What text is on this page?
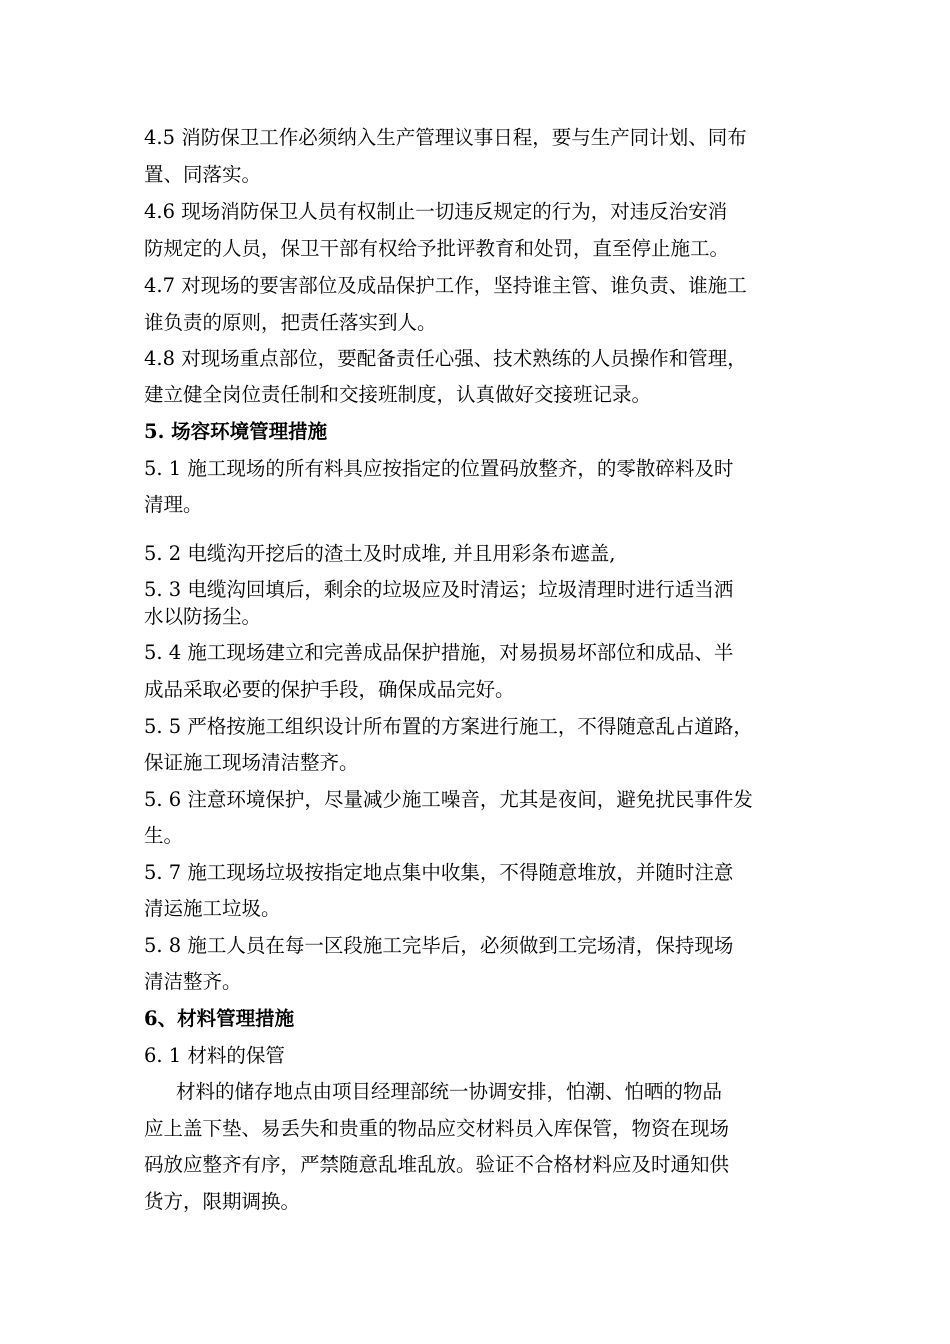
4.5 消防保卫工作必须纳入生产管理议事日程，要与生产同计划、同布
置、同落实。
4.6 现场消防保卫人员有权制止一切违反规定的行为，对违反治安消
防规定的人员，保卫干部有权给予批评教育和处罚，直至停止施工。
4.7 对现场的要害部位及成品保护工作，坚持谁主管、谁负责、谁施工
谁负责的原则，把责任落实到人。
4.8 对现场重点部位，要配备责任心强、技术熟练的人员操作和管理，
建立健全岗位责任制和交接班制度，认真做好交接班记录。
5. 场容环境管理措施
5. 1 施工现场的所有料具应按指定的位置码放整齐，的零散碎料及时
清理。
5. 2 电缆沟开挖后的渣土及时成堆, 并且用彩条布遮盖,
5. 3 电缆沟回填后，剩余的垃圾应及时清运；垃圾清理时进行适当洒
水以防扬尘。
5. 4 施工现场建立和完善成品保护措施，对易损易坏部位和成品、半
成品采取必要的保护手段，确保成品完好。
5. 5 严格按施工组织设计所布置的方案进行施工，不得随意乱占道路，
保证施工现场清洁整齐。
5. 6 注意环境保护，尽量减少施工噪音，尤其是夜间，避免扰民事件发
生。
5. 7 施工现场垃圾按指定地点集中收集，不得随意堆放，并随时注意
清运施工垃圾。
5. 8 施工人员在每一区段施工完毕后，必须做到工完场清，保持现场
清洁整齐。
6、材料管理措施
6. 1 材料的保管
材料的储存地点由项目经理部统一协调安排，怕潮、怕晒的物品
应上盖下垫、易丢失和贵重的物品应交材料员入库保管，物资在现场
码放应整齐有序，严禁随意乱堆乱放。验证不合格材料应及时通知供
货方，限期调换。
